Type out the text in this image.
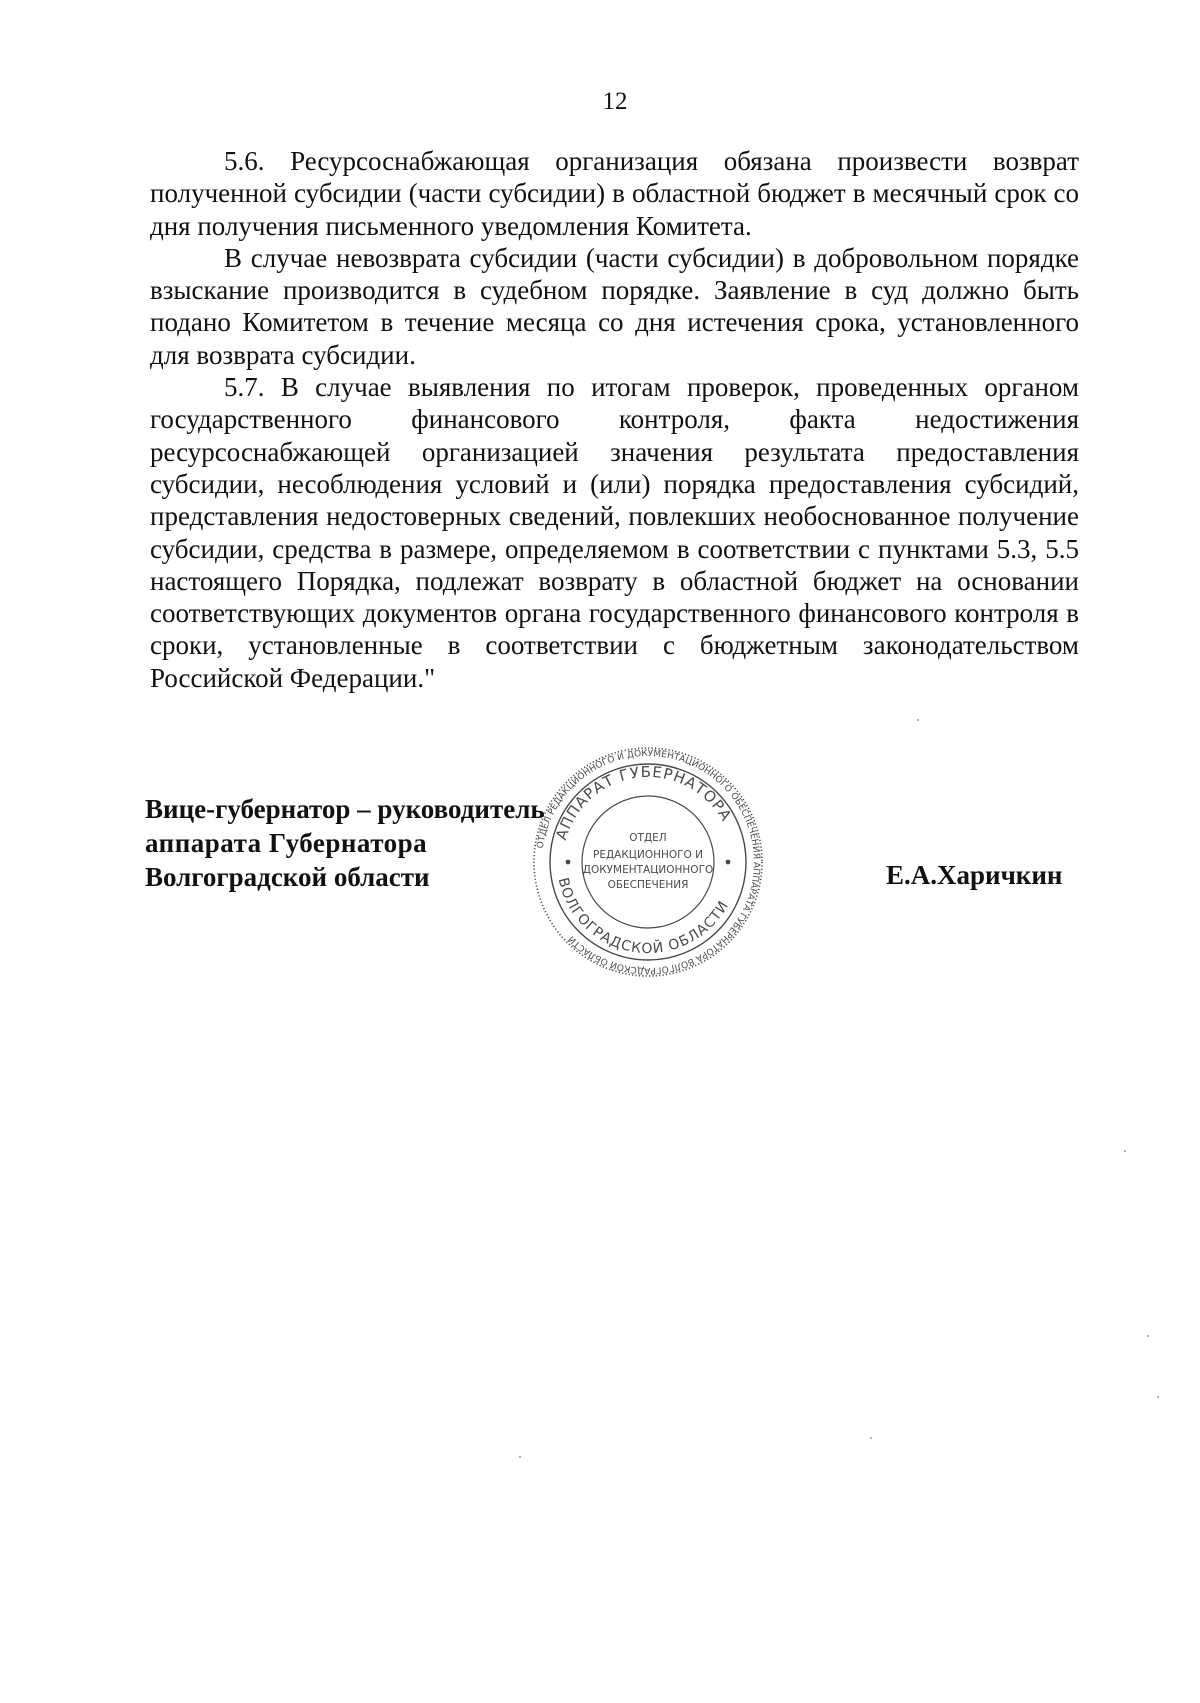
12

5.6. Ресурсоснабжающая организация обязана произвести возврат полученной субсидии (части субсидии) в областной бюджет в месячный срок со дня получения письменного уведомления Комитета.

В случае невозврата субсидии (части субсидии) в добровольном порядке взыскание производится в судебном порядке. Заявление в суд должно быть подано Комитетом в течение месяца со дня истечения срока, установленного для возврата субсидии.

5.7. В случае выявления по итогам проверок, проведенных органом государственного финансового контроля, факта недостижения ресурсоснабжающей организацией значения результата предоставления субсидии, несоблюдения условий и (или) порядка предоставления субсидий, представления недостоверных сведений, повлекших необоснованное получение субсидии, средства в размере, определяемом в соответствии с пунктами 5.3, 5.5 настоящего Порядка, подлежат возврату в областной бюджет на основании соответствующих документов органа государственного финансового контроля в сроки, установленные в соответствии с бюджетным законодательством Российской Федерации."

Вице-губернатор – руководитель
аппарата Губернатора
Волгоградской области	Е.А.Харичкин
ОТДЕЛ РЕДАКЦИОННОГО И ДОКУМЕНТАЦИОННОГО ОБЕСПЕЧЕНИЯ АППАРАТА ГУБЕРНАТОРА ВОЛГОГРАДСКОЙ ОБЛАСТИ
АППАРАТ ГУБЕРНАТОРА
ВОЛГОГРАДСКОЙ ОБЛАСТИ
ОТДЕЛ
РЕДАКЦИОННОГО И
ДОКУМЕНТАЦИОННОГО
ОБЕСПЕЧЕНИЯ
